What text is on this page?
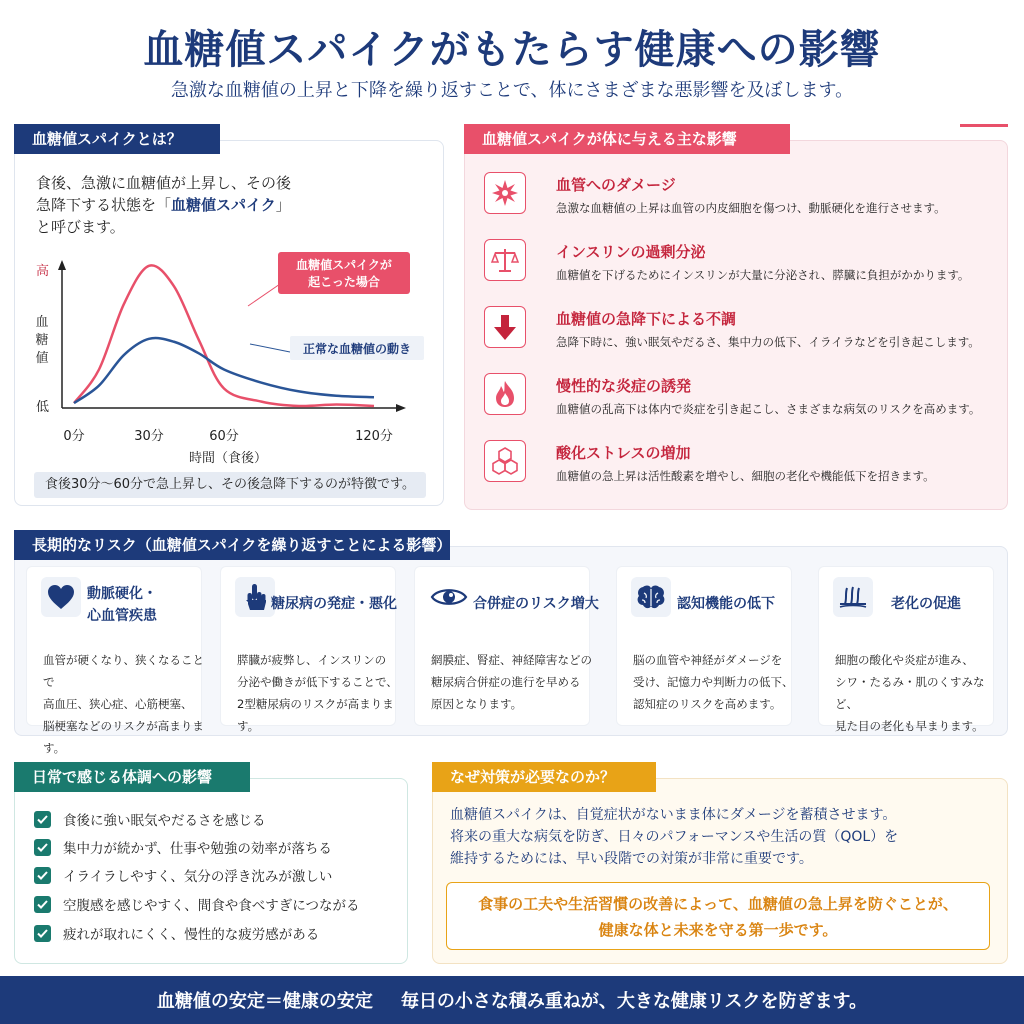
血糖値スパイクがもたらす健康への影響
急激な血糖値の上昇と下降を繰り返すことで、体にさまざまな悪影響を及ぼします。
血糖値スパイクとは？
食後、急激に血糖値が上昇し、その後
急降下する状態を「血糖値スパイク」
と呼びます。
高
低
血
糖
値
0分	30分	60分	120分
時間（食後）
血糖値スパイクが
起こった場合
正常な血糖値の動き
食後30分〜60分で急上昇し、その後急降下するのが特徴です。
血糖値スパイクが体に与える主な影響
血管へのダメージ
急激な血糖値の上昇は血管の内皮細胞を傷つけ、動脈硬化を進行させます。
インスリンの過剰分泌
血糖値を下げるためにインスリンが大量に分泌され、膵臓に負担がかかります。
血糖値の急降下による不調
急降下時に、強い眠気やだるさ、集中力の低下、イライラなどを引き起こします。
慢性的な炎症の誘発
血糖値の乱高下は体内で炎症を引き起こし、さまざまな病気のリスクを高めます。
酸化ストレスの増加
血糖値の急上昇は活性酸素を増やし、細胞の老化や機能低下を招きます。
長期的なリスク（血糖値スパイクを繰り返すことによる影響）
動脈硬化・
心血管疾患
血管が硬くなり、狭くなることで
高血圧、狭心症、心筋梗塞、
脳梗塞などのリスクが高まります。
糖尿病の発症・悪化
膵臓が疲弊し、インスリンの
分泌や働きが低下することで、
2型糖尿病のリスクが高まります。
合併症のリスク増大
網膜症、腎症、神経障害などの
糖尿病合併症の進行を早める
原因となります。
認知機能の低下
脳の血管や神経がダメージを
受け、記憶力や判断力の低下、
認知症のリスクを高めます。
老化の促進
細胞の酸化や炎症が進み、
シワ・たるみ・肌のくすみなど、
見た目の老化も早まります。
日常で感じる体調への影響
食後に強い眠気やだるさを感じる
集中力が続かず、仕事や勉強の効率が落ちる
イライラしやすく、気分の浮き沈みが激しい
空腹感を感じやすく、間食や食べすぎにつながる
疲れが取れにくく、慢性的な疲労感がある
なぜ対策が必要なのか？
血糖値スパイクは、自覚症状がないまま体にダメージを蓄積させます。
将来の重大な病気を防ぎ、日々のパフォーマンスや生活の質（QOL）を
維持するためには、早い段階での対策が非常に重要です。
食事の工夫や生活習慣の改善によって、血糖値の急上昇を防ぐことが、
健康な体と未来を守る第一歩です。
血糖値の安定＝健康の安定 毎日の小さな積み重ねが、大きな健康リスクを防ぎます。
